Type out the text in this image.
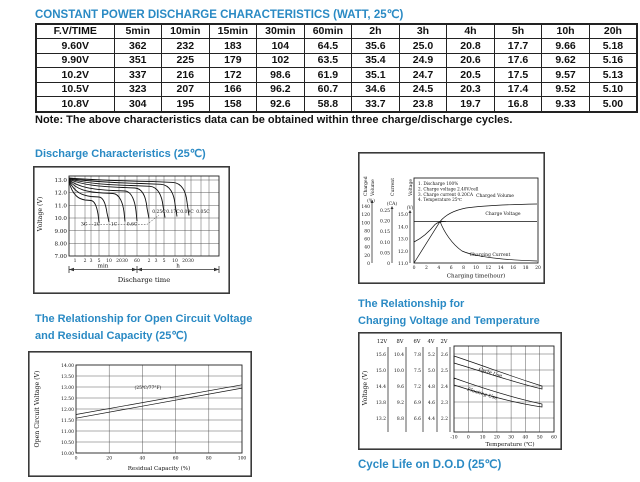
CONSTANT POWER DISCHARGE CHARACTERISTICS (WATT, 25℃)
F.V/TIME	5min	10min	15min	30min	60min	2h	3h	4h	5h	10h	20h
9.60V	362	232	183	104	64.5	35.6	25.0	20.8	17.7	9.66	5.18
9.90V	351	225	179	102	63.5	35.4	24.9	20.6	17.6	9.62	5.16
10.2V	337	216	172	98.6	61.9	35.1	24.7	20.5	17.5	9.57	5.13
10.5V	323	207	166	96.2	60.7	34.6	24.5	20.3	17.4	9.52	5.10
10.8V	304	195	158	92.6	58.8	33.7	23.8	19.7	16.8	9.33	5.00
Note: The above characteristics data can be obtained within three charge/discharge cycles.
Discharge Characteristics (25℃)
13.0
12.0
11.0
10.0
9.00
8.00
7.00
1 2 3 5 10 20 30 60 2 3 5 10 20 30
3C 2C 1C 0.6C
0.25C 0.17C 0.09C 0.05C
min	h
Discharge time
Voltage (V)
Charged Volume	Current	Voltage
(%)
(CA)
(V)
140
120
100
80
60
40
20
0
0.25
0.20
0.15
0.10
0.05
0
15.0
14.0
13.0
12.0
11.0
1. Discharge 100%
2. Charge voltage 2.40V/cell
3. Charge current 0.20CA
4. Temperature 25℃
Charged Volume
Charge Voltage
Charging Current
0 2 4 6 8 10 12 14 16 18 20
Charging time(hour)
The Relationship for Open Circuit Voltage
and Residual Capacity (25℃)
(25℃/77°F)
14.00
13.50
13.00
12.50
12.00
11.50
11.00
10.50
10.00
0	20	40	60	80	100
Residual Capacity (%)
Open Circuit Voltage (V)
The Relationship for
Charging Voltage and Temperature
12V 8V 6V 4V 2V
15.6
15.0
14.4
13.8
13.2
10.4
10.0
9.6
9.2
8.8
7.8
7.5
7.2
6.9
6.6
5.2
5.0
4.8
4.6
4.4
2.6
2.5
2.4
2.3
2.2
Cycle Use
Floating Use
-10 0 10 20 30 40 50 60
Temperature (℃)
Voltage (V)
Cycle Life on D.O.D (25℃)
